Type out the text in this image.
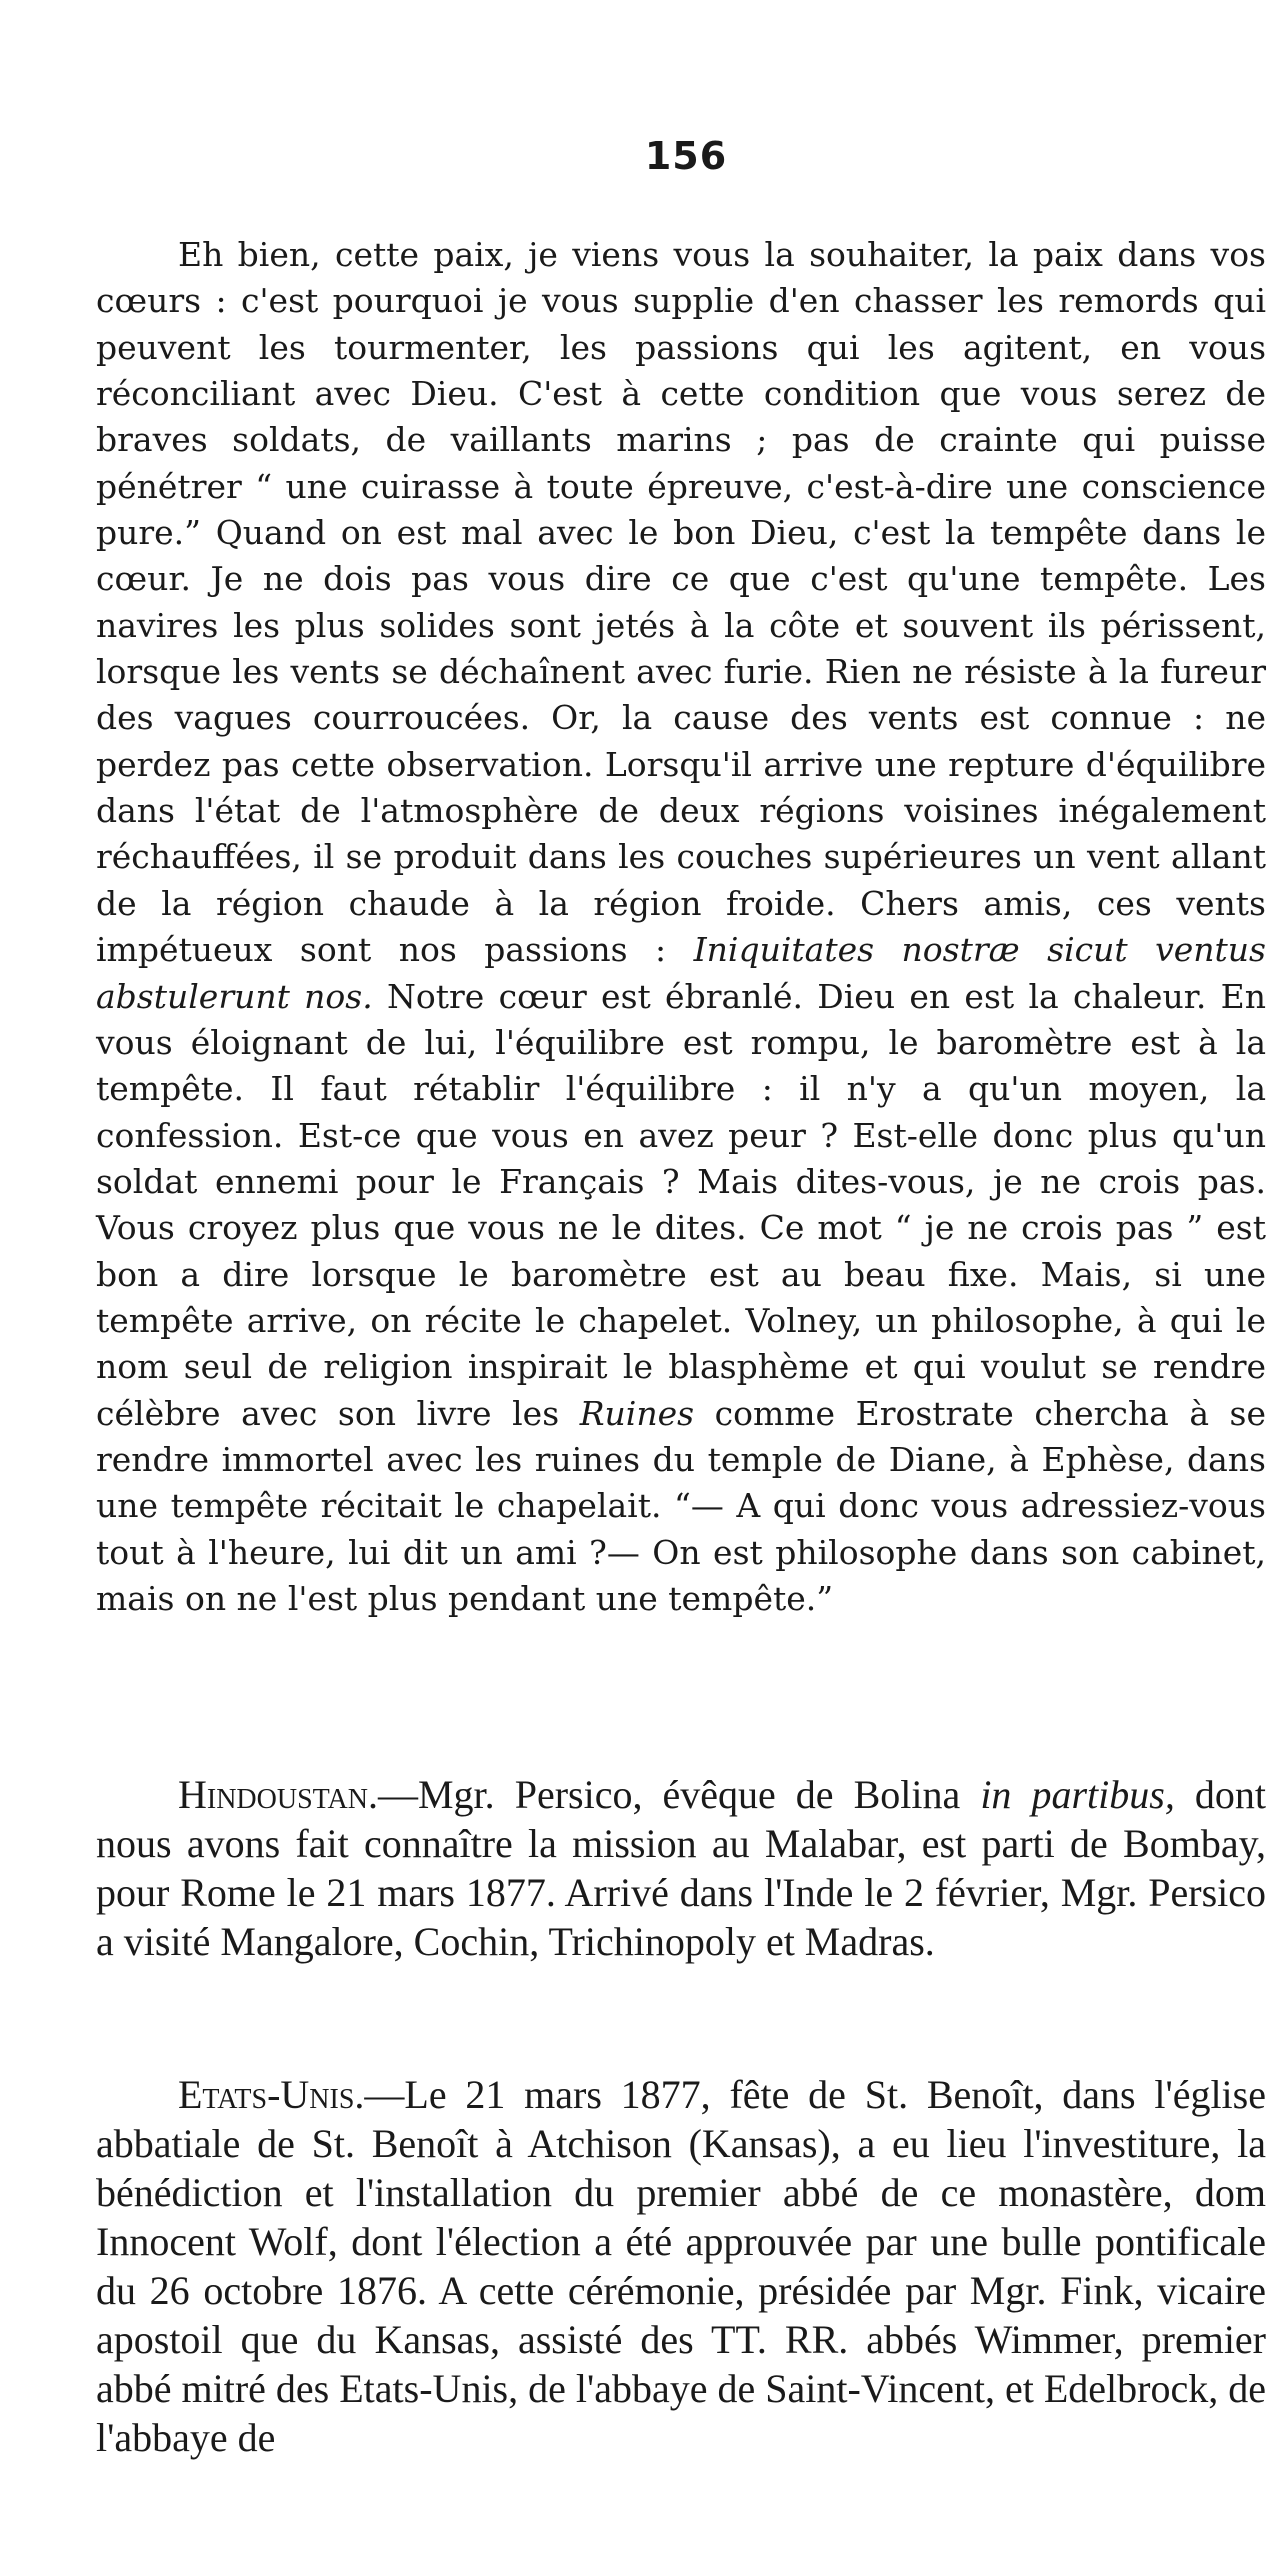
156

Eh bien, cette paix, je viens vous la souhaiter, la paix dans vos cœurs : c'est pourquoi je vous supplie d'en chasser les remords qui peuvent les tourmenter, les passions qui les agitent, en vous réconciliant avec Dieu. C'est à cette condition que vous serez de braves soldats, de vaillants marins ; pas de crainte qui puisse pénétrer “ une cuirasse à toute épreuve, c'est-à-dire une conscience pure.” Quand on est mal avec le bon Dieu, c'est la tempête dans le cœur. Je ne dois pas vous dire ce que c'est qu'une tempête. Les navires les plus solides sont jetés à la côte et souvent ils périssent, lorsque les vents se déchaînent avec furie. Rien ne résiste à la fureur des vagues courroucées. Or, la cause des vents est connue : ne perdez pas cette observation. Lorsqu'il arrive une repture d'équilibre dans l'état de l'atmosphère de deux régions voisines inégalement réchauffées, il se produit dans les couches supérieures un vent allant de la région chaude à la région froide. Chers amis, ces vents impétueux sont nos passions : Iniquitates nostræ sicut ventus abstulerunt nos. Notre cœur est ébranlé. Dieu en est la chaleur. En vous éloignant de lui, l'équilibre est rompu, le baromètre est à la tempête. Il faut rétablir l'équilibre : il n'y a qu'un moyen, la confession. Est-ce que vous en avez peur ? Est-elle donc plus qu'un soldat ennemi pour le Français ? Mais dites-vous, je ne crois pas. Vous croyez plus que vous ne le dites. Ce mot “ je ne crois pas ” est bon a dire lorsque le baromètre est au beau fixe. Mais, si une tempête arrive, on récite le chapelet. Volney, un philosophe, à qui le nom seul de religion inspirait le blasphème et qui voulut se rendre célèbre avec son livre les Ruines comme Erostrate chercha à se rendre immortel avec les ruines du temple de Diane, à Ephèse, dans une tempête récitait le chapelait. “— A qui donc vous adressiez-vous tout à l'heure, lui dit un ami ?— On est philosophe dans son cabinet, mais on ne l'est plus pendant une tempête.”

Hindoustan.—Mgr. Persico, évêque de Bolina in partibus, dont nous avons fait connaître la mission au Malabar, est parti de Bombay, pour Rome le 21 mars 1877. Arrivé dans l'Inde le 2 février, Mgr. Persico a visité Mangalore, Cochin, Trichinopoly et Madras.

Etats-Unis.—Le 21 mars 1877, fête de St. Benoît, dans l'église abbatiale de St. Benoît à Atchison (Kansas), a eu lieu l'investiture, la bénédiction et l'installation du premier abbé de ce monastère, dom Innocent Wolf, dont l'élection a été approuvée par une bulle pontificale du 26 octobre 1876. A cette cérémonie, présidée par Mgr. Fink, vicaire apostoil que du Kansas, assisté des TT. RR. abbés Wimmer, premier abbé mitré des Etats-Unis, de l'abbaye de Saint-Vincent, et Edelbrock, de l'abbaye de
